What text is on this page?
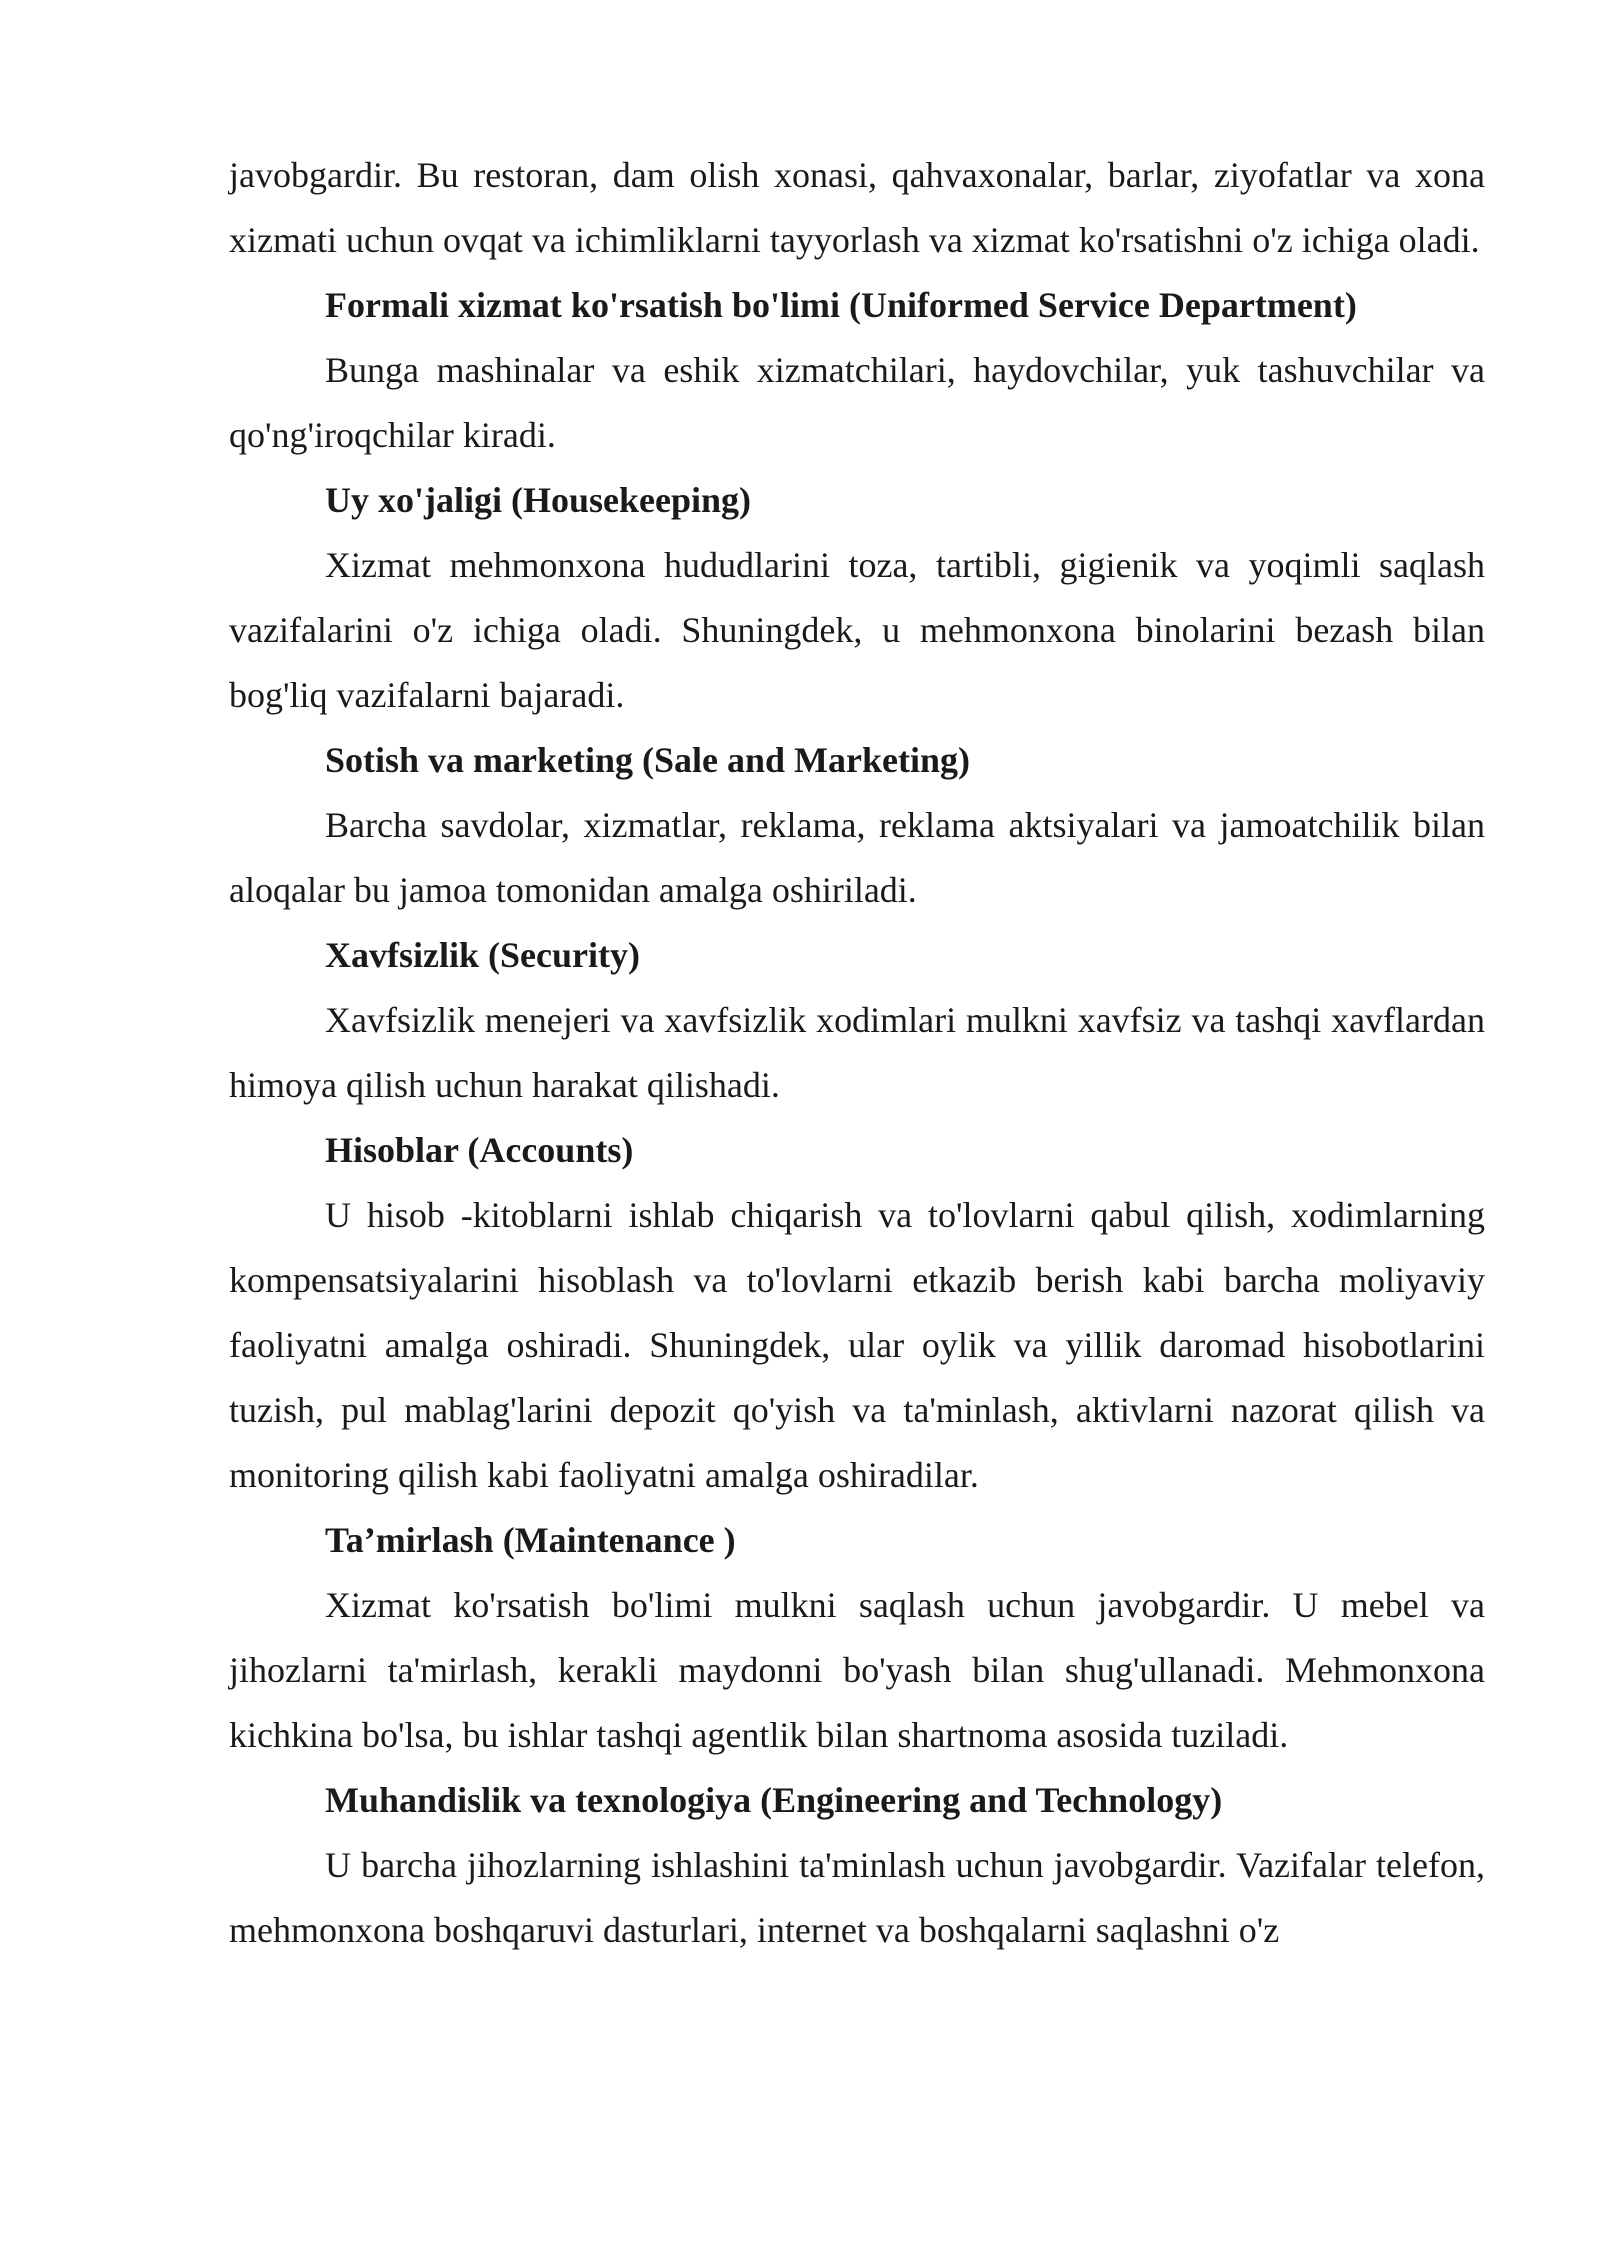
javobgardir. Bu restoran, dam olish xonasi, qahvaxonalar, barlar, ziyofatlar va xona xizmati uchun ovqat va ichimliklarni tayyorlash va xizmat ko'rsatishni o'z ichiga oladi.

Formali xizmat ko'rsatish bo'limi (Uniformed Service Department)

Bunga mashinalar va eshik xizmatchilari, haydovchilar, yuk tashuvchilar va qo'ng'iroqchilar kiradi.

Uy xo'jaligi (Housekeeping)

Xizmat mehmonxona hududlarini toza, tartibli, gigienik va yoqimli saqlash vazifalarini o'z ichiga oladi. Shuningdek, u mehmonxona binolarini bezash bilan bog'liq vazifalarni bajaradi.

Sotish va marketing (Sale and Marketing)

Barcha savdolar, xizmatlar, reklama, reklama aktsiyalari va jamoatchilik bilan aloqalar bu jamoa tomonidan amalga oshiriladi.

Xavfsizlik (Security)

Xavfsizlik menejeri va xavfsizlik xodimlari mulkni xavfsiz va tashqi xavflardan himoya qilish uchun harakat qilishadi.

Hisoblar (Accounts)

U hisob -kitoblarni ishlab chiqarish va to'lovlarni qabul qilish, xodimlarning kompensatsiyalarini hisoblash va to'lovlarni etkazib berish kabi barcha moliyaviy faoliyatni amalga oshiradi. Shuningdek, ular oylik va yillik daromad hisobotlarini tuzish, pul mablag'larini depozit qo'yish va ta'minlash, aktivlarni nazorat qilish va monitoring qilish kabi faoliyatni amalga oshiradilar.

Ta’mirlash (Maintenance )

Xizmat ko'rsatish bo'limi mulkni saqlash uchun javobgardir. U mebel va jihozlarni ta'mirlash, kerakli maydonni bo'yash bilan shug'ullanadi. Mehmonxona kichkina bo'lsa, bu ishlar tashqi agentlik bilan shartnoma asosida tuziladi.

Muhandislik va texnologiya (Engineering and Technology)

U barcha jihozlarning ishlashini ta'minlash uchun javobgardir. Vazifalar telefon, mehmonxona boshqaruvi dasturlari, internet va boshqalarni saqlashni o'z
